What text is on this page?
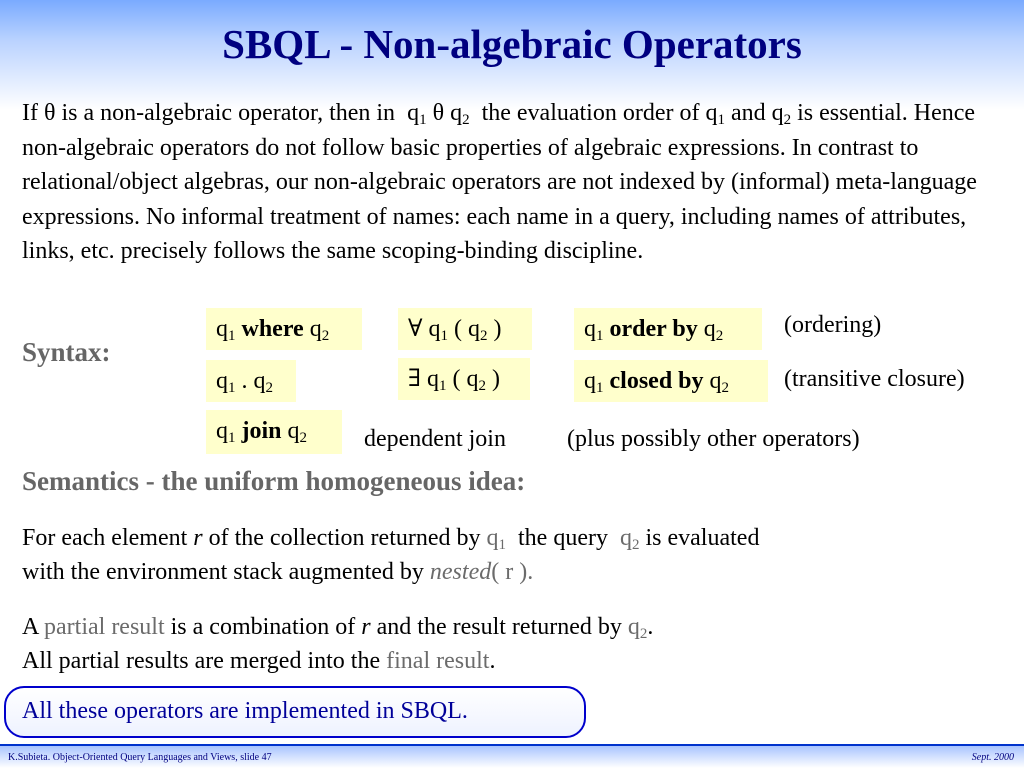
SBQL - Non-algebraic Operators
If θ is a non-algebraic operator, then in $q_1$ θ $q_2$ the evaluation order of $q_1$ and $q_2$ is essential. Hence non-algebraic operators do not follow basic properties of algebraic expressions. In contrast to relational/object algebras, our non-algebraic operators are not indexed by (informal) meta-language expressions. No informal treatment of names: each name in a query, including names of attributes, links, etc. precisely follows the same scoping-binding discipline.
Syntax:
$q_1$ where $q_2$	∀ $q_1$ ( $q_2$ )	$q_1$ order by $q_2$	(ordering)
$q_1$ . $q_2$	∃ $q_1$ ( $q_2$ )	$q_1$ closed by $q_2$	(transitive closure)
$q_1$ join $q_2$	dependent join	(plus possibly other operators)
Semantics - the uniform homogeneous idea:
For each element r of the collection returned by $q_1$ the query $q_2$ is evaluated
with the environment stack augmented by nested( r ).
A partial result is a combination of r and the result returned by $q_2$.
All partial results are merged into the final result.
All these operators are implemented in SBQL.
K.Subieta. Object-Oriented Query Languages and Views, slide 47	Sept. 2000
